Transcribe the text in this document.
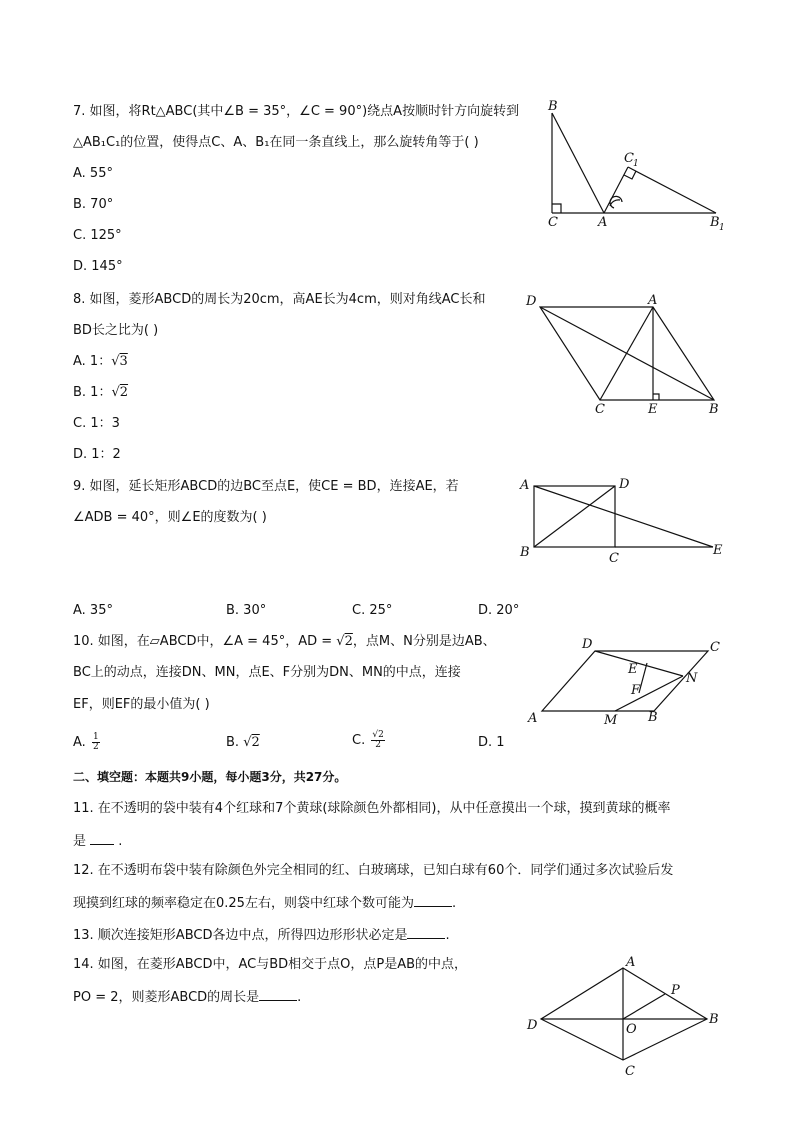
7. 如图，将Rt△ABC(其中∠B = 35°，∠C = 90°)绕点A按顺时针方向旋转到
△AB₁C₁的位置，使得点C、A、B₁在同一条直线上，那么旋转角等于( )
A. 55°
B. 70°
C. 125°
D. 145°
B
C	A
C 1
B 1
8. 如图，菱形ABCD的周长为20cm，高AE长为4cm，则对角线AC长和
BD长之比为( )
A. 1：√3
B. 1：√2
C. 1：3
D. 1：2
D	A
C	E	B
9. 如图，延长矩形ABCD的边BC至点E，使CE = BD，连接AE，若
∠ADB = 40°，则∠E的度数为( )
A	D
B	C
E
A. 35°	B. 30°	C. 25°	D. 20°
10. 如图，在▱ABCD中，∠A = 45°，AD = √2，点M、N分别是边AB、
BC上的动点，连接DN、MN，点E、F分别为DN、MN的中点，连接
EF，则EF的最小值为( )
D	C
E
N
F
A	M B
A. $\frac{1}{2}$	B. √2	C. $\frac{√2}{2}$	D. 1
二、填空题：本题共9小题，每小题3分，共27分。
11. 在不透明的袋中装有4个红球和7个黄球(球除颜色外都相同)，从中任意摸出一个球，摸到黄球的概率
是 .
12. 在不透明布袋中装有除颜色外完全相同的红、白玻璃球，已知白球有60个．同学们通过多次试验后发
现摸到红球的频率稳定在0.25左右，则袋中红球个数可能为	.
13. 顺次连接矩形ABCD各边中点，所得四边形形状必定是	.
14. 如图，在菱形ABCD中，AC与BD相交于点O，点P是AB的中点，
PO = 2，则菱形ABCD的周长是	.
A
P
D	O
B
C
